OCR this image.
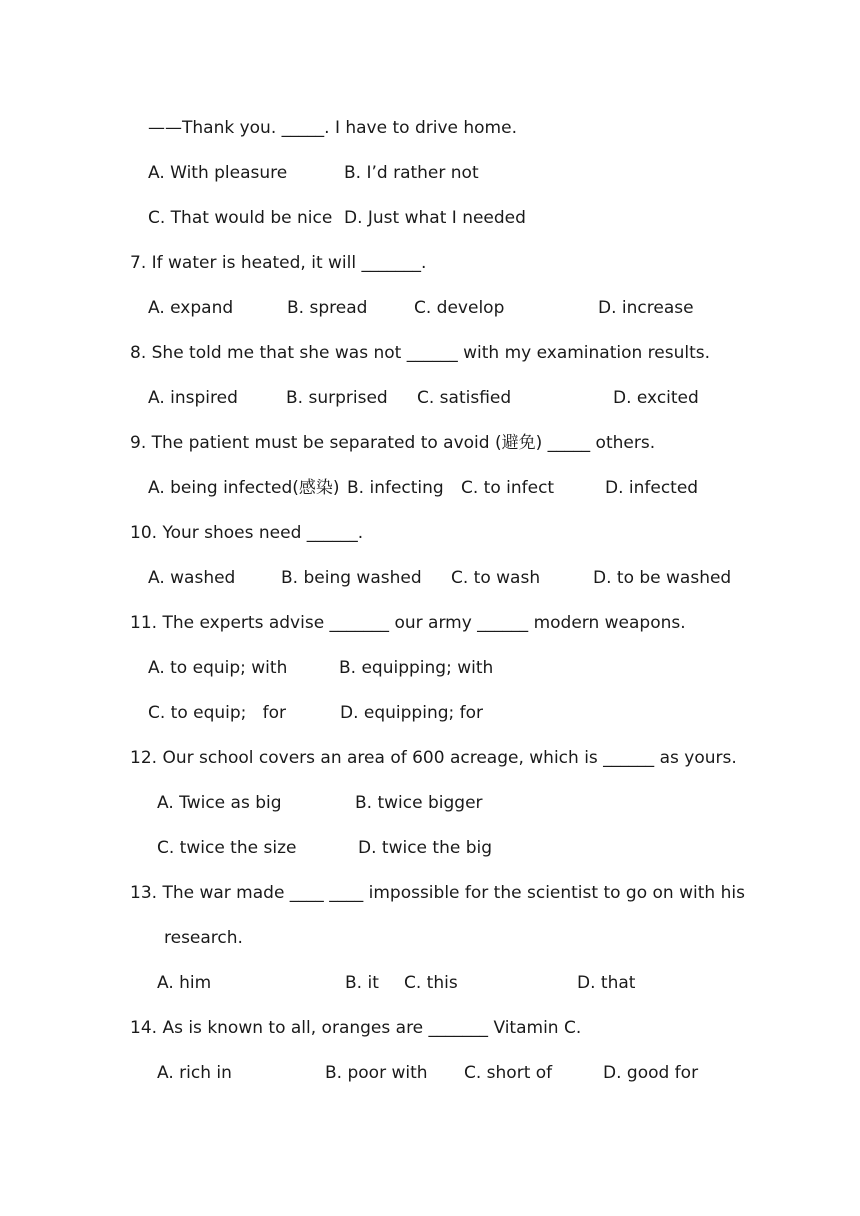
——Thank you. _____. I have to drive home.
A. With pleasure	B. I’d rather not
C. That would be nice D. Just what I needed
7. If water is heated, it will _______.
A. expand	B. spread	C. develop	D. increase
8. She told me that she was not ______ with my examination results.
A. inspired	B. surprised C. satisfied	D. excited
9. The patient must be separated to avoid (避免) _____ others.
A. being infected(感染) B. infecting C. to infect	D. infected
10. Your shoes need ______.
A. washed	B. being washed C. to wash	D. to be washed
11. The experts advise _______ our army ______ modern weapons.
A. to equip; with	B. equipping; with
C. to equip;   for	D. equipping; for
12. Our school covers an area of 600 acreage, which is ______ as yours.
A. Twice as big	B. twice bigger
C. twice the size	D. twice the big
13. The war made ____ ____ impossible for the scientist to go on with his
research.
A. him	B. it C. this	D. that
14. As is known to all, oranges are _______ Vitamin C.
A. rich in	B. poor with C. short of	D. good for
